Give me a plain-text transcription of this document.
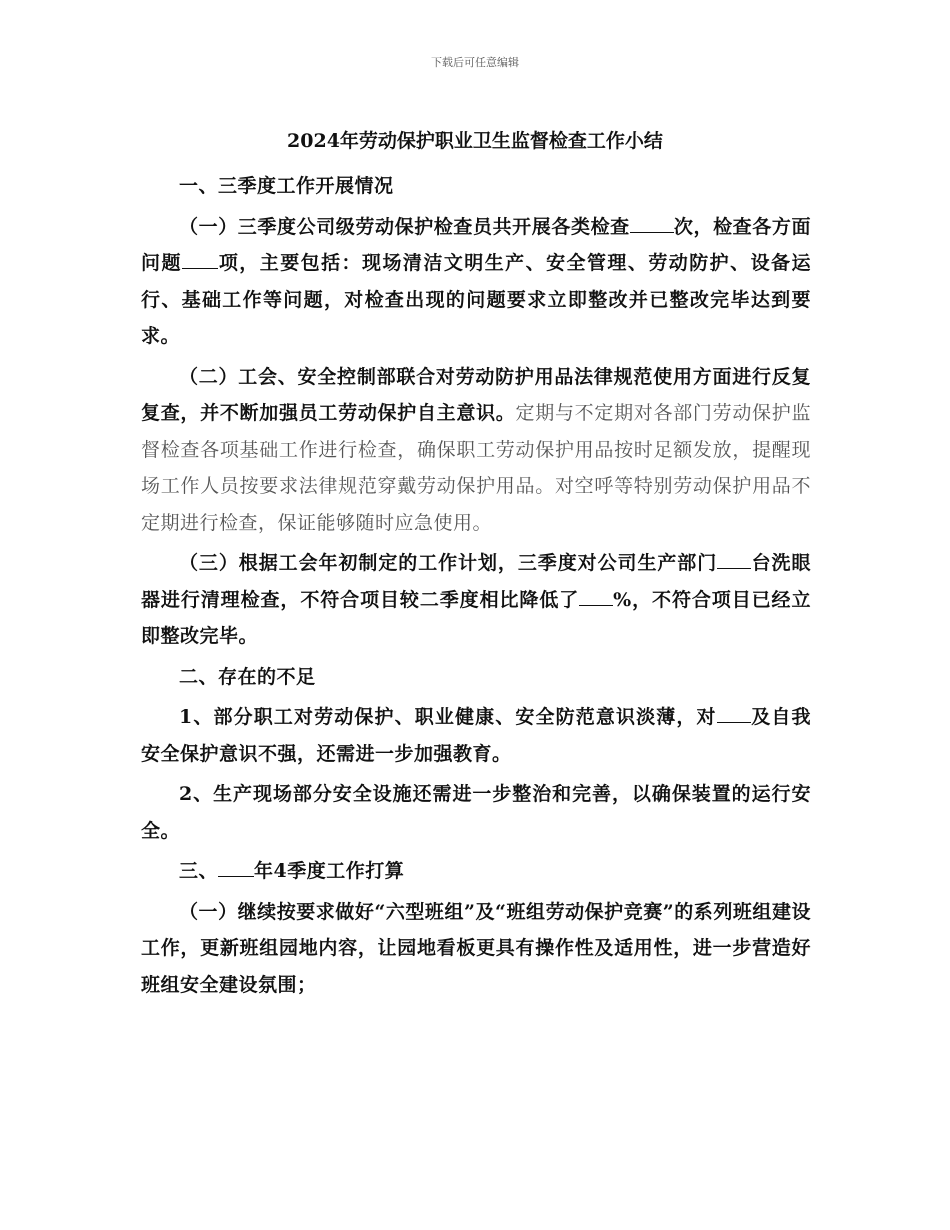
下载后可任意编辑
2024年劳动保护职业卫生监督检查工作小结

一、三季度工作开展情况

（一）三季度公司级劳动保护检查员共开展各类检查 次，检查各方面问题 项，主要包括：现场清洁文明生产、安全管理、劳动防护、设备运行、基础工作等问题，对检查出现的问题要求立即整改并已整改完毕达到要求。

（二）工会、安全控制部联合对劳动防护用品法律规范使用方面进行反复复查，并不断加强员工劳动保护自主意识。定期与不定期对各部门劳动保护监督检查各项基础工作进行检查，确保职工劳动保护用品按时足额发放，提醒现场工作人员按要求法律规范穿戴劳动保护用品。对空呼等特别劳动保护用品不定期进行检查，保证能够随时应急使用。

（三）根据工会年初制定的工作计划，三季度对公司生产部门 台洗眼器进行清理检查，不符合项目较二季度相比降低了 %，不符合项目已经立即整改完毕。

二、存在的不足

1、部分职工对劳动保护、职业健康、安全防范意识淡薄，对 及自我安全保护意识不强，还需进一步加强教育。

2、生产现场部分安全设施还需进一步整治和完善，以确保装置的运行安全。

三、 年4季度工作打算

（一）继续按要求做好“六型班组”及“班组劳动保护竞赛”的系列班组建设工作，更新班组园地内容，让园地看板更具有操作性及适用性，进一步营造好班组安全建设氛围；
